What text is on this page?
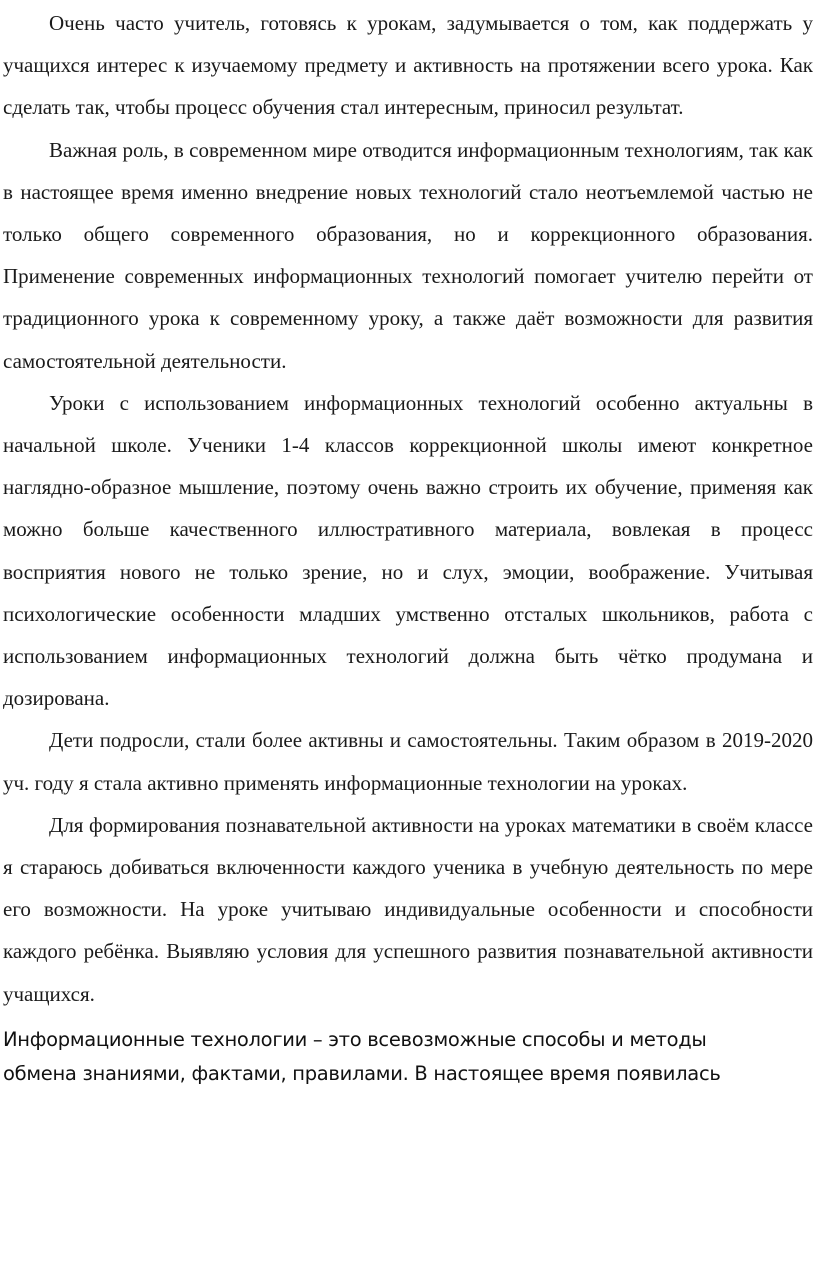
Очень часто учитель, готовясь к урокам, задумывается о том, как поддержать у учащихся интерес к изучаемому предмету и активность на протяжении всего урока. Как сделать так, чтобы процесс обучения стал интересным, приносил результат.

Важная роль, в современном мире отводится информационным технологиям, так как в настоящее время именно внедрение новых технологий стало неотъемлемой частью не только общего современного образования, но и коррекционного образования. Применение современных информационных технологий помогает учителю перейти от традиционного урока к современному уроку, а также даёт возможности для развития самостоятельной деятельности.

Уроки с использованием информационных технологий особенно актуальны в начальной школе. Ученики 1-4 классов коррекционной школы имеют конкретное наглядно-образное мышление, поэтому очень важно строить их обучение, применяя как можно больше качественного иллюстративного материала, вовлекая в процесс восприятия нового не только зрение, но и слух, эмоции, воображение. Учитывая психологические особенности младших умственно отсталых школьников, работа с использованием информационных технологий должна быть чётко продумана и дозирована.

Дети подросли, стали более активны и самостоятельны. Таким образом в 2019-2020 уч. году я стала активно применять информационные технологии на уроках.

Для формирования познавательной активности на уроках математики в своём классе я стараюсь добиваться включенности каждого ученика в учебную деятельность по мере его возможности. На уроке учитываю индивидуальные особенности и способности каждого ребёнка. Выявляю условия для успешного развития познавательной активности учащихся.

Информационные технологии – это всевозможные способы и методы
обмена знаниями, фактами, правилами. В настоящее время появилась
